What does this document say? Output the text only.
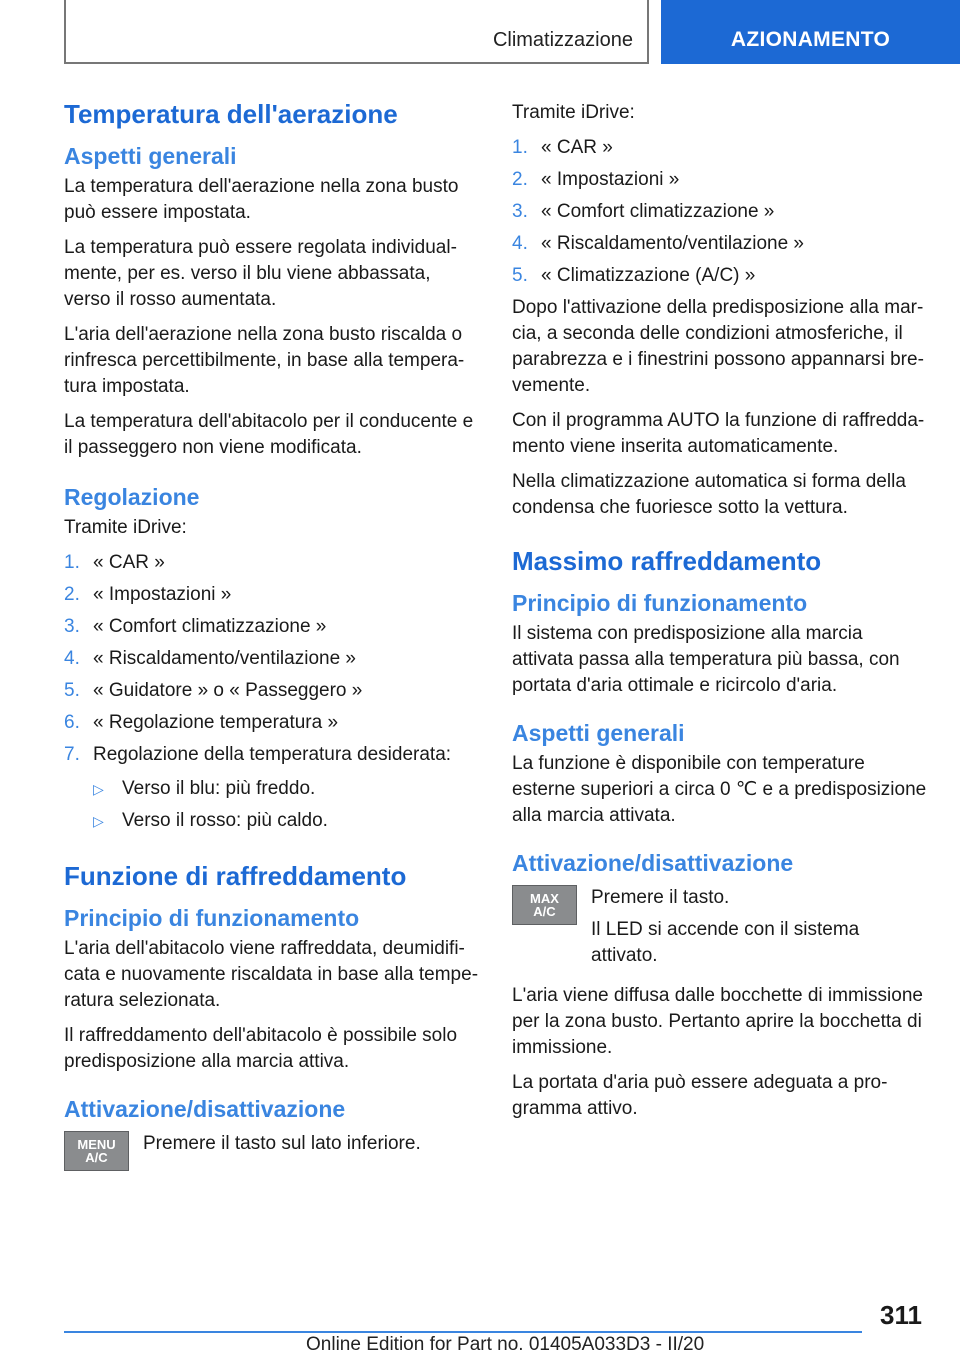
Climatizzazione	AZIONAMENTO
Temperatura dell'aerazione
Aspetti generali

La temperatura dell'aerazione nella zona busto può essere impostata.

La temperatura può essere regolata individualmente, per es. verso il blu viene abbassata, verso il rosso aumentata.

L'aria dell'aerazione nella zona busto riscalda o rinfresca percettibilmente, in base alla temperatura impostata.

La temperatura dell'abitacolo per il conducente e il passeggero non viene modificata.

Regolazione

Tramite iDrive:

1. « CAR »
2. « Impostazioni »
3. « Comfort climatizzazione »
4. « Riscaldamento/ventilazione »
5. « Guidatore » o « Passeggero »
6. « Regolazione temperatura »
7. Regolazione della temperatura desiderata:
▷ Verso il blu: più freddo.
▷ Verso il rosso: più caldo.
Funzione di raffreddamento
Principio di funzionamento

L'aria dell'abitacolo viene raffreddata, deumidificata e nuovamente riscaldata in base alla temperatura selezionata.

Il raffreddamento dell'abitacolo è possibile solo predisposizione alla marcia attiva.

Attivazione/disattivazione
MENU
A/C

Premere il tasto sul lato inferiore.

Tramite iDrive:

1. « CAR »
2. « Impostazioni »
3. « Comfort climatizzazione »
4. « Riscaldamento/ventilazione »
5. « Climatizzazione (A/C) »

Dopo l'attivazione della predisposizione alla marcia, a seconda delle condizioni atmosferiche, il parabrezza e i finestrini possono appannarsi brevemente.

Con il programma AUTO la funzione di raffreddamento viene inserita automaticamente.

Nella climatizzazione automatica si forma della condensa che fuoriesce sotto la vettura.

Massimo raffreddamento
Principio di funzionamento

Il sistema con predisposizione alla marcia attivata passa alla temperatura più bassa, con portata d'aria ottimale e ricircolo d'aria.

Aspetti generali

La funzione è disponibile con temperature esterne superiori a circa 0 ℃ e a predisposizione alla marcia attivata.

Attivazione/disattivazione
MAX
A/C

Premere il tasto.

Il LED si accende con il sistema attivato.

L'aria viene diffusa dalle bocchette di immissione per la zona busto. Pertanto aprire la bocchetta di immissione.

La portata d'aria può essere adeguata a programma attivo.

311
Online Edition for Part no. 01405A033D3 - II/20
